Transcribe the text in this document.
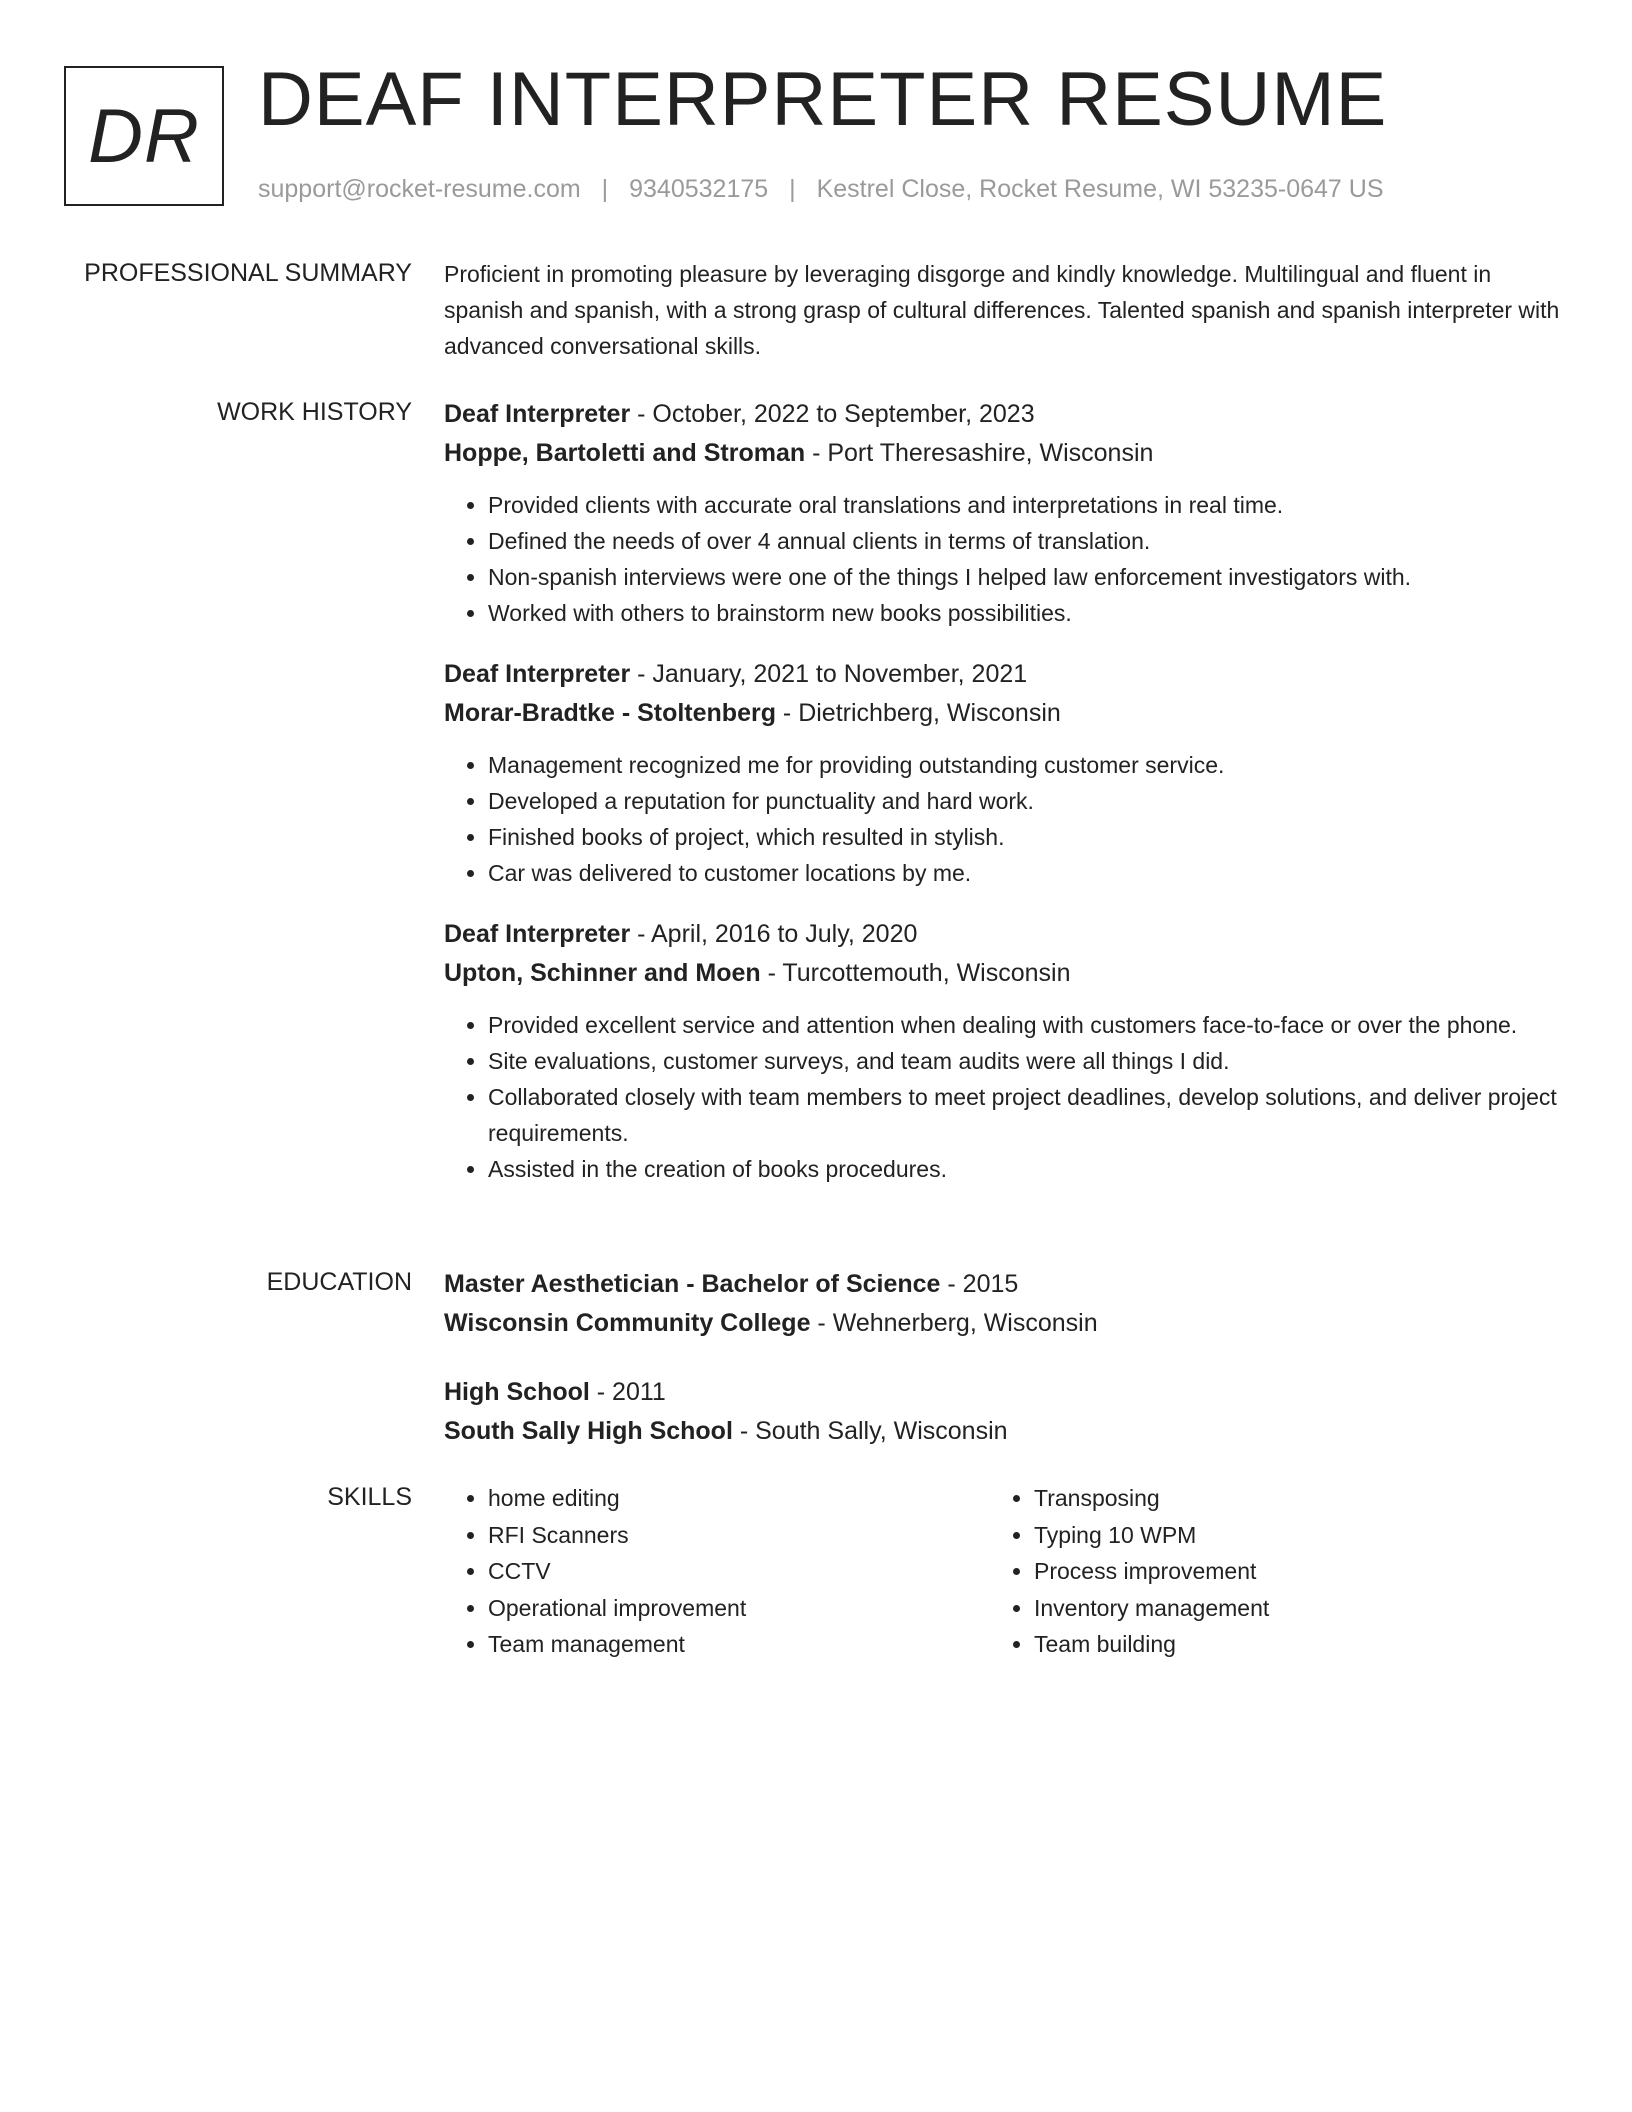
DR DEAF INTERPRETER RESUME
support@rocket-resume.com | 9340532175 | Kestrel Close, Rocket Resume, WI 53235-0647 US
PROFESSIONAL SUMMARY Proficient in promoting pleasure by leveraging disgorge and kindly knowledge. Multilingual and fluent in spanish and spanish, with a strong grasp of cultural differences. Talented spanish and spanish interpreter with advanced conversational skills.

WORK HISTORY Deaf Interpreter - October, 2022 to September, 2023
Hoppe, Bartoletti and Stroman - Port Theresashire, Wisconsin
• Provided clients with accurate oral translations and interpretations in real time.
• Defined the needs of over 4 annual clients in terms of translation.
• Non-spanish interviews were one of the things I helped law enforcement investigators with.
• Worked with others to brainstorm new books possibilities.
Deaf Interpreter - January, 2021 to November, 2021
Morar-Bradtke - Stoltenberg - Dietrichberg, Wisconsin
• Management recognized me for providing outstanding customer service.
• Developed a reputation for punctuality and hard work.
• Finished books of project, which resulted in stylish.
• Car was delivered to customer locations by me.
Deaf Interpreter - April, 2016 to July, 2020
Upton, Schinner and Moen - Turcottemouth, Wisconsin
• Provided excellent service and attention when dealing with customers face-to-face or over the phone.
• Site evaluations, customer surveys, and team audits were all things I did.
• Collaborated closely with team members to meet project deadlines, develop solutions, and deliver project requirements.
• Assisted in the creation of books procedures.
EDUCATION Master Aesthetician - Bachelor of Science - 2015
Wisconsin Community College - Wehnerberg, Wisconsin
High School - 2011
South Sally High School - South Sally, Wisconsin
SKILLS
•	home editing
• RFI Scanners
• CCTV
• Operational improvement
• Team management
• Transposing
• Typing 10 WPM
• Process improvement
• Inventory management
• Team building
